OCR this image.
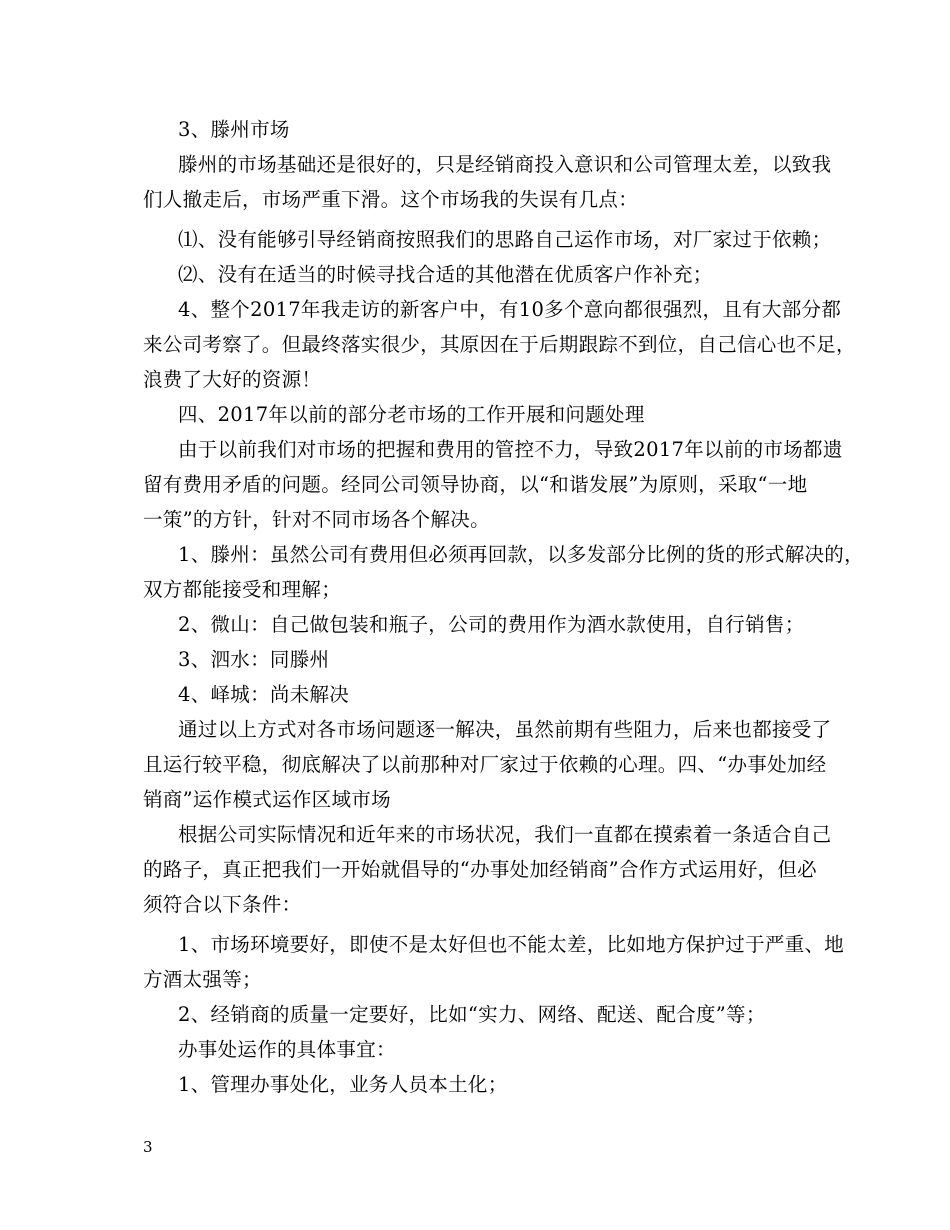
3、滕州市场
滕州的市场基础还是很好的，只是经销商投入意识和公司管理太差，以致我
们人撤走后，市场严重下滑。这个市场我的失误有几点：
⑴、没有能够引导经销商按照我们的思路自己运作市场，对厂家过于依赖；
⑵、没有在适当的时候寻找合适的其他潜在优质客户作补充；
4、整个2017年我走访的新客户中，有10多个意向都很强烈，且有大部分都
来公司考察了。但最终落实很少，其原因在于后期跟踪不到位，自己信心也不足，
浪费了大好的资源！
四、2017年以前的部分老市场的工作开展和问题处理
由于以前我们对市场的把握和费用的管控不力，导致2017年以前的市场都遗
留有费用矛盾的问题。经同公司领导协商，以“和谐发展”为原则，采取“一地
一策”的方针，针对不同市场各个解决。
1、滕州：虽然公司有费用但必须再回款，以多发部分比例的货的形式解决的，
双方都能接受和理解；
2、微山：自己做包装和瓶子，公司的费用作为酒水款使用，自行销售；
3、泗水：同滕州
4、峄城：尚未解决
通过以上方式对各市场问题逐一解决，虽然前期有些阻力，后来也都接受了
且运行较平稳，彻底解决了以前那种对厂家过于依赖的心理。四、“办事处加经
销商”运作模式运作区域市场
根据公司实际情况和近年来的市场状况，我们一直都在摸索着一条适合自己
的路子，真正把我们一开始就倡导的“办事处加经销商”合作方式运用好，但必
须符合以下条件：
1、市场环境要好，即使不是太好但也不能太差，比如地方保护过于严重、地
方酒太强等；
2、经销商的质量一定要好，比如“实力、网络、配送、配合度”等；
办事处运作的具体事宜：
1、管理办事处化，业务人员本土化；
3
